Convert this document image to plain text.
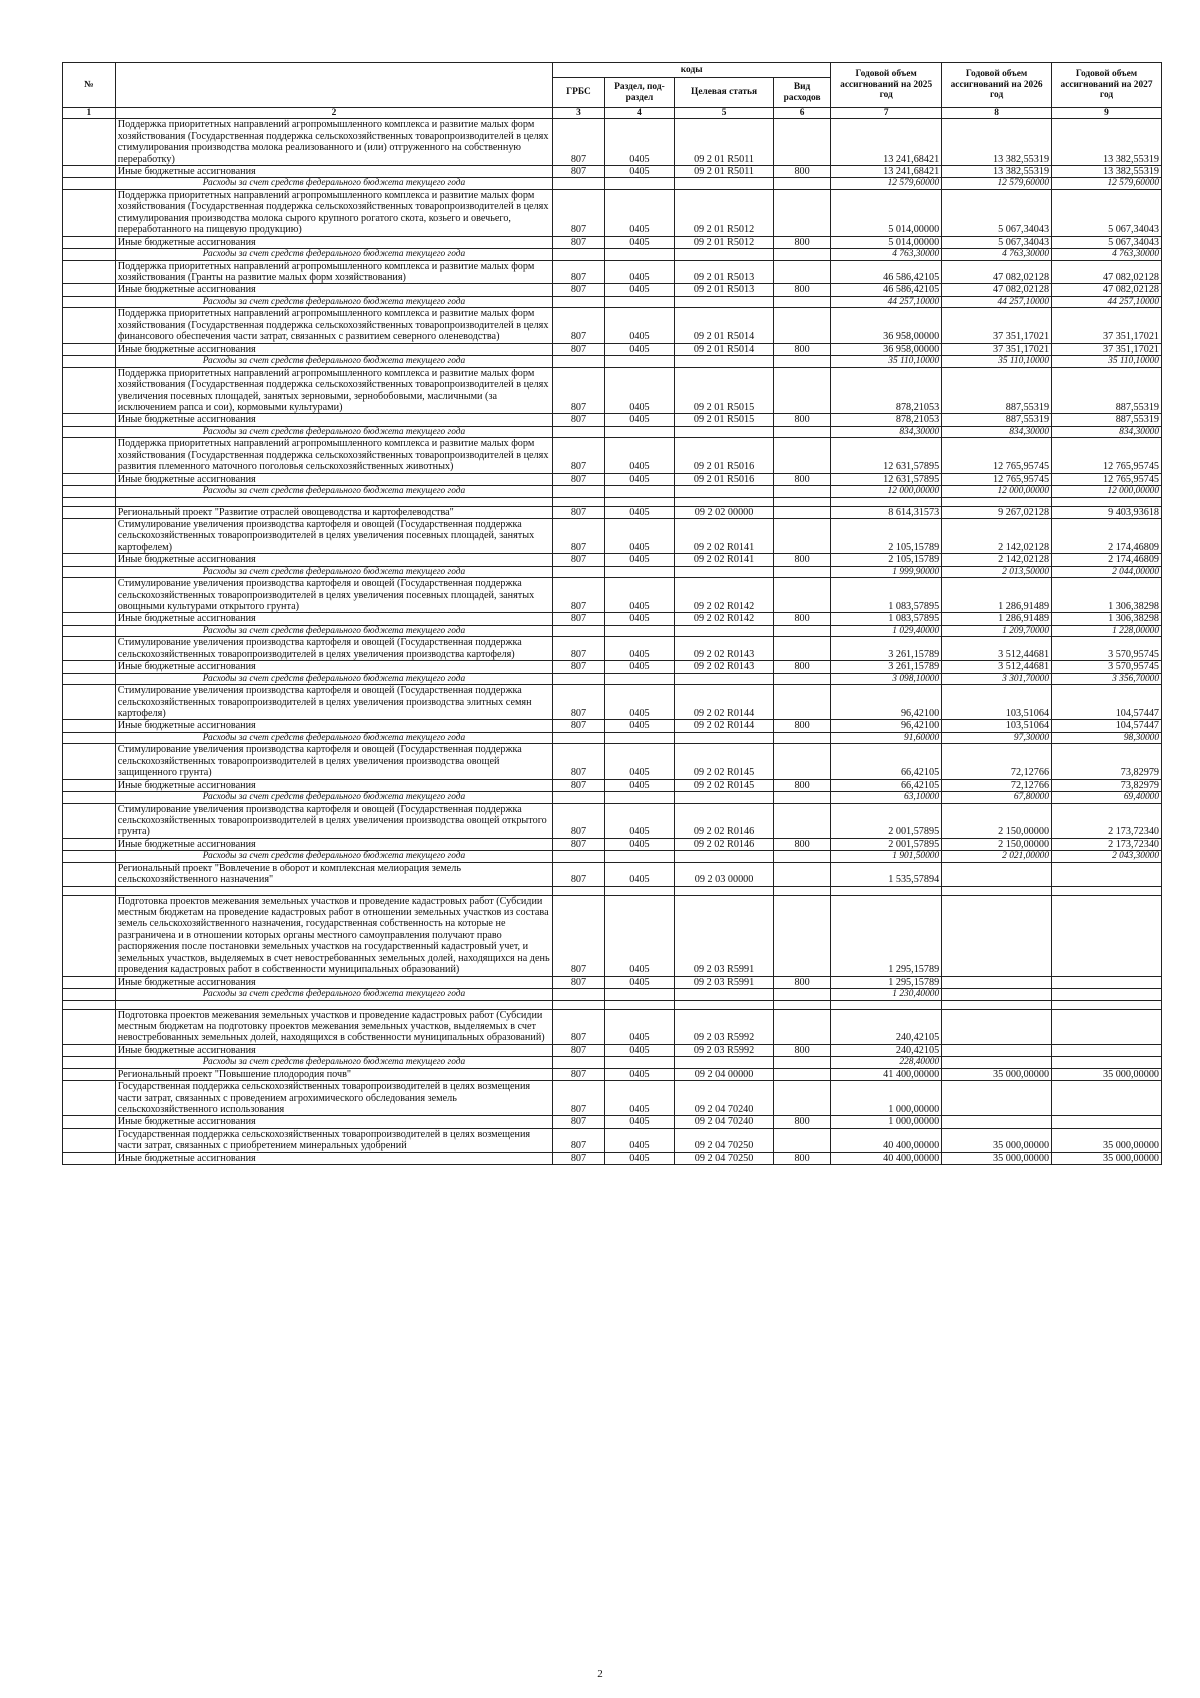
№		коды				Годовой объем ассигнований на 2025 год	Годовой объем ассигнований на 2026 год	Годовой объем ассигнований на 2027 год
		ГРБС	Раздел, под-раздел	Целевая статья	Вид расходов			
1	2	3	4	5	6	7	8	9
	Поддержка приоритетных направлений агропромышленного комплекса и развитие малых форм хозяйствования (Государственная поддержка сельскохозяйственных товаропроизводителей в целях стимулирования производства молока реализованного и (или) отгруженного на собственную переработку)	807	0405	09 2 01 R5011		13 241,68421	13 382,55319	13 382,55319
	Иные бюджетные ассигнования	807	0405	09 2 01 R5011	800	13 241,68421	13 382,55319	13 382,55319
	Расходы за счет средств федерального бюджета текущего года					12 579,60000	12 579,60000	12 579,60000
	Поддержка приоритетных направлений агропромышленного комплекса и развитие малых форм хозяйствования (Государственная поддержка сельскохозяйственных товаропроизводителей в целях стимулирования производства молока сырого крупного рогатого скота, козьего и овечьего, переработанного на пищевую продукцию)	807	0405	09 2 01 R5012		5 014,00000	5 067,34043	5 067,34043
	Иные бюджетные ассигнования	807	0405	09 2 01 R5012	800	5 014,00000	5 067,34043	5 067,34043
	Расходы за счет средств федерального бюджета текущего года					4 763,30000	4 763,30000	4 763,30000
	Поддержка приоритетных направлений агропромышленного комплекса и развитие малых форм хозяйствования (Гранты на развитие малых форм хозяйствования)	807	0405	09 2 01 R5013		46 586,42105	47 082,02128	47 082,02128
	Иные бюджетные ассигнования	807	0405	09 2 01 R5013	800	46 586,42105	47 082,02128	47 082,02128
	Расходы за счет средств федерального бюджета текущего года					44 257,10000	44 257,10000	44 257,10000
	Поддержка приоритетных направлений агропромышленного комплекса и развитие малых форм хозяйствования (Государственная поддержка сельскохозяйственных товаропроизводителей в целях финансового обеспечения части затрат, связанных с развитием северного оленеводства)	807	0405	09 2 01 R5014		36 958,00000	37 351,17021	37 351,17021
	Иные бюджетные ассигнования	807	0405	09 2 01 R5014	800	36 958,00000	37 351,17021	37 351,17021
	Расходы за счет средств федерального бюджета текущего года					35 110,10000	35 110,10000	35 110,10000
	Поддержка приоритетных направлений агропромышленного комплекса и развитие малых форм хозяйствования (Государственная поддержка сельскохозяйственных товаропроизводителей в целях увеличения посевных площадей, занятых зерновыми, зернобобовыми, масличными (за исключением рапса и сои), кормовыми культурами)	807	0405	09 2 01 R5015		878,21053	887,55319	887,55319
	Иные бюджетные ассигнования	807	0405	09 2 01 R5015	800	878,21053	887,55319	887,55319
	Расходы за счет средств федерального бюджета текущего года					834,30000	834,30000	834,30000
	Поддержка приоритетных направлений агропромышленного комплекса и развитие малых форм хозяйствования (Государственная поддержка сельскохозяйственных товаропроизводителей в целях развития племенного маточного поголовья сельскохозяйственных животных)	807	0405	09 2 01 R5016		12 631,57895	12 765,95745	12 765,95745
	Иные бюджетные ассигнования	807	0405	09 2 01 R5016	800	12 631,57895	12 765,95745	12 765,95745
	Расходы за счет средств федерального бюджета текущего года					12 000,00000	12 000,00000	12 000,00000

	Региональный проект "Развитие отраслей овощеводства и картофелеводства"	807	0405	09 2 02 00000		8 614,31573	9 267,02128	9 403,93618
	Стимулирование увеличения производства картофеля и овощей (Государственная поддержка сельскохозяйственных товаропроизводителей в целях увеличения посевных площадей, занятых картофелем)	807	0405	09 2 02 R0141		2 105,15789	2 142,02128	2 174,46809
	Иные бюджетные ассигнования	807	0405	09 2 02 R0141	800	2 105,15789	2 142,02128	2 174,46809
	Расходы за счет средств федерального бюджета текущего года					1 999,90000	2 013,50000	2 044,00000
	Стимулирование увеличения производства картофеля и овощей (Государственная поддержка сельскохозяйственных товаропроизводителей в целях увеличения посевных площадей, занятых овощными культурами открытого грунта)	807	0405	09 2 02 R0142		1 083,57895	1 286,91489	1 306,38298
	Иные бюджетные ассигнования	807	0405	09 2 02 R0142	800	1 083,57895	1 286,91489	1 306,38298
	Расходы за счет средств федерального бюджета текущего года					1 029,40000	1 209,70000	1 228,00000
	Стимулирование увеличения производства картофеля и овощей (Государственная поддержка сельскохозяйственных товаропроизводителей в целях увеличения производства картофеля)	807	0405	09 2 02 R0143		3 261,15789	3 512,44681	3 570,95745
	Иные бюджетные ассигнования	807	0405	09 2 02 R0143	800	3 261,15789	3 512,44681	3 570,95745
	Расходы за счет средств федерального бюджета текущего года					3 098,10000	3 301,70000	3 356,70000
	Стимулирование увеличения производства картофеля и овощей (Государственная поддержка сельскохозяйственных товаропроизводителей в целях увеличения производства элитных семян картофеля)	807	0405	09 2 02 R0144		96,42100	103,51064	104,57447
	Иные бюджетные ассигнования	807	0405	09 2 02 R0144	800	96,42100	103,51064	104,57447
	Расходы за счет средств федерального бюджета текущего года					91,60000	97,30000	98,30000
	Стимулирование увеличения производства картофеля и овощей (Государственная поддержка сельскохозяйственных товаропроизводителей в целях увеличения производства овощей защищенного грунта)	807	0405	09 2 02 R0145		66,42105	72,12766	73,82979
	Иные бюджетные ассигнования	807	0405	09 2 02 R0145	800	66,42105	72,12766	73,82979
	Расходы за счет средств федерального бюджета текущего года					63,10000	67,80000	69,40000
	Стимулирование увеличения производства картофеля и овощей (Государственная поддержка сельскохозяйственных товаропроизводителей в целях увеличения производства овощей открытого грунта)	807	0405	09 2 02 R0146		2 001,57895	2 150,00000	2 173,72340
	Иные бюджетные ассигнования	807	0405	09 2 02 R0146	800	2 001,57895	2 150,00000	2 173,72340
	Расходы за счет средств федерального бюджета текущего года					1 901,50000	2 021,00000	2 043,30000
	Региональный проект "Вовлечение в оборот и комплексная мелиорация земель сельскохозяйственного назначения"	807	0405	09 2 03 00000		1 535,57894		

	Подготовка проектов межевания земельных участков и проведение кадастровых работ (Субсидии местным бюджетам на проведение кадастровых работ в отношении земельных участков из состава земель сельскохозяйственного назначения, государственная собственность на которые не разграничена и в отношении которых органы местного самоуправления получают право распоряжения после постановки земельных участков на государственный кадастровый учет, и земельных участков, выделяемых в счет невостребованных земельных долей, находящихся на день проведения кадастровых работ в собственности муниципальных образований)	807	0405	09 2 03 R5991		1 295,15789		
	Иные бюджетные ассигнования	807	0405	09 2 03 R5991	800	1 295,15789		
	Расходы за счет средств федерального бюджета текущего года					1 230,40000		

	Подготовка проектов межевания земельных участков и проведение кадастровых работ (Субсидии местным бюджетам на подготовку проектов межевания земельных участков, выделяемых в счет невостребованных земельных долей, находящихся в собственности муниципальных образований)	807	0405	09 2 03 R5992		240,42105		
	Иные бюджетные ассигнования	807	0405	09 2 03 R5992	800	240,42105		
	Расходы за счет средств федерального бюджета текущего года					228,40000		
	Региональный проект "Повышение плодородия почв"	807	0405	09 2 04 00000		41 400,00000	35 000,00000	35 000,00000
	Государственная поддержка сельскохозяйственных товаропроизводителей в целях возмещения части затрат, связанных с проведением агрохимического обследования земель сельскохозяйственного использования	807	0405	09 2 04 70240		1 000,00000		
	Иные бюджетные ассигнования	807	0405	09 2 04 70240	800	1 000,00000		
	Государственная поддержка сельскохозяйственных товаропроизводителей в целях возмещения части затрат, связанных с приобретением минеральных удобрений	807	0405	09 2 04 70250		40 400,00000	35 000,00000	35 000,00000
	Иные бюджетные ассигнования	807	0405	09 2 04 70250	800	40 400,00000	35 000,00000	35 000,00000
2
